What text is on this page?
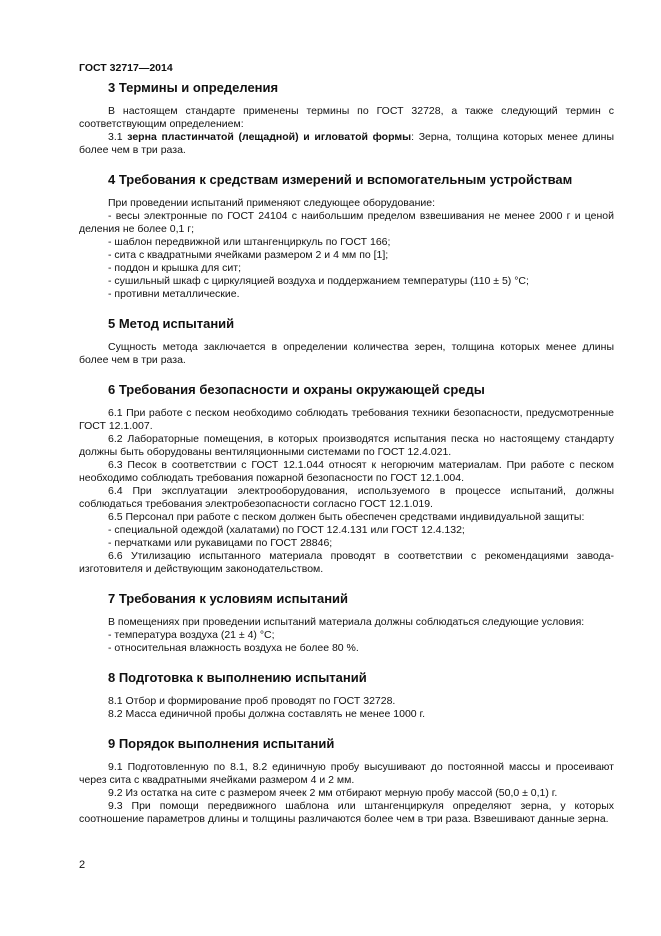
ГОСТ 32717—2014
3 Термины и определения

В настоящем стандарте применены термины по ГОСТ 32728, а также следующий термин с соответствующим определением:

3.1 зерна пластинчатой (лещадной) и игловатой формы: Зерна, толщина которых менее длины более чем в три раза.

4 Требования к средствам измерений и вспомогательным устройствам

При проведении испытаний применяют следующее оборудование:

- весы электронные по ГОСТ 24104 с наибольшим пределом взвешивания не менее 2000 г и ценой деления не более 0,1 г;

- шаблон передвижной или штангенциркуль по ГОСТ 166;

- сита с квадратными ячейками размером 2 и 4 мм по [1];

- поддон и крышка для сит;

- сушильный шкаф с циркуляцией воздуха и поддержанием температуры (110 ± 5) °С;

- противни металлические.

5 Метод испытаний

Сущность метода заключается в определении количества зерен, толщина которых менее длины более чем в три раза.

6 Требования безопасности и охраны окружающей среды

6.1 При работе с песком необходимо соблюдать требования техники безопасности, предусмотренные ГОСТ 12.1.007.

6.2 Лабораторные помещения, в которых производятся испытания песка но настоящему стандарту должны быть оборудованы вентиляционными системами по ГОСТ 12.4.021.

6.3 Песок в соответствии с ГОСТ 12.1.044 относят к негорючим материалам. При работе с песком необходимо соблюдать требования пожарной безопасности по ГОСТ 12.1.004.

6.4 При эксплуатации электрооборудования, используемого в процессе испытаний, должны соблюдаться требования электробезопасности согласно ГОСТ 12.1.019.

6.5 Персонал при работе с песком должен быть обеспечен средствами индивидуальной защиты:

- специальной одеждой (халатами) по ГОСТ 12.4.131 или ГОСТ 12.4.132;

- перчатками или рукавицами по ГОСТ 28846;

6.6 Утилизацию испытанного материала проводят в соответствии с рекомендациями завода-изготовителя и действующим законодательством.

7 Требования к условиям испытаний

В помещениях при проведении испытаний материала должны соблюдаться следующие условия:

- температура воздуха (21 ± 4) °С;

- относительная влажность воздуха не более 80 %.

8 Подготовка к выполнению испытаний

8.1 Отбор и формирование проб проводят по ГОСТ 32728.

8.2 Масса единичной пробы должна составлять не менее 1000 г.

9 Порядок выполнения испытаний

9.1 Подготовленную по 8.1, 8.2 единичную пробу высушивают до постоянной массы и просеивают через сита с квадратными ячейками размером 4 и 2 мм.

9.2 Из остатка на сите с размером ячеек 2 мм отбирают мерную пробу массой (50,0 ± 0,1) г.

9.3 При помощи передвижного шаблона или штангенциркуля определяют зерна, у которых соотношение параметров длины и толщины различаются более чем в три раза. Взвешивают данные зерна.

2
